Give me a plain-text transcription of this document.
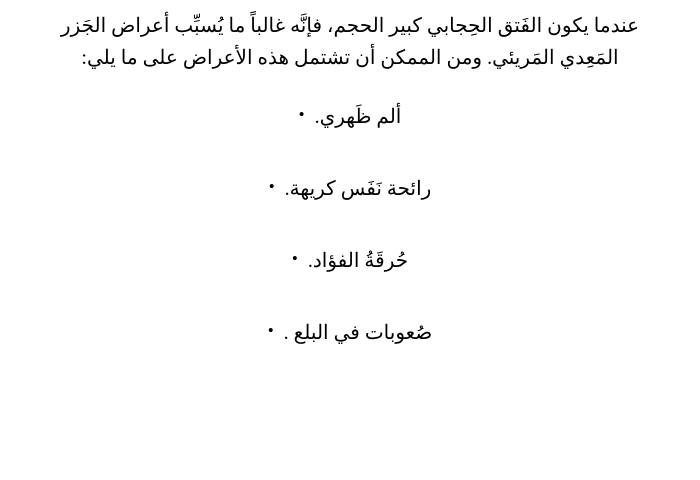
عندما يكون الفَتق الحِجابي كبير الحجم، فإنَّه غالباً ما يُسبِّب أعراض الجَزر المَعِدي المَريئي. ومن الممكن أن تشتمل هذه الأعراض على ما يلي:

ألم ظَهري.
•
رائحة نَفَس كريهة.
•
حُرقَةُ الفؤاد.
•
صُعوبات في البلع .
•
